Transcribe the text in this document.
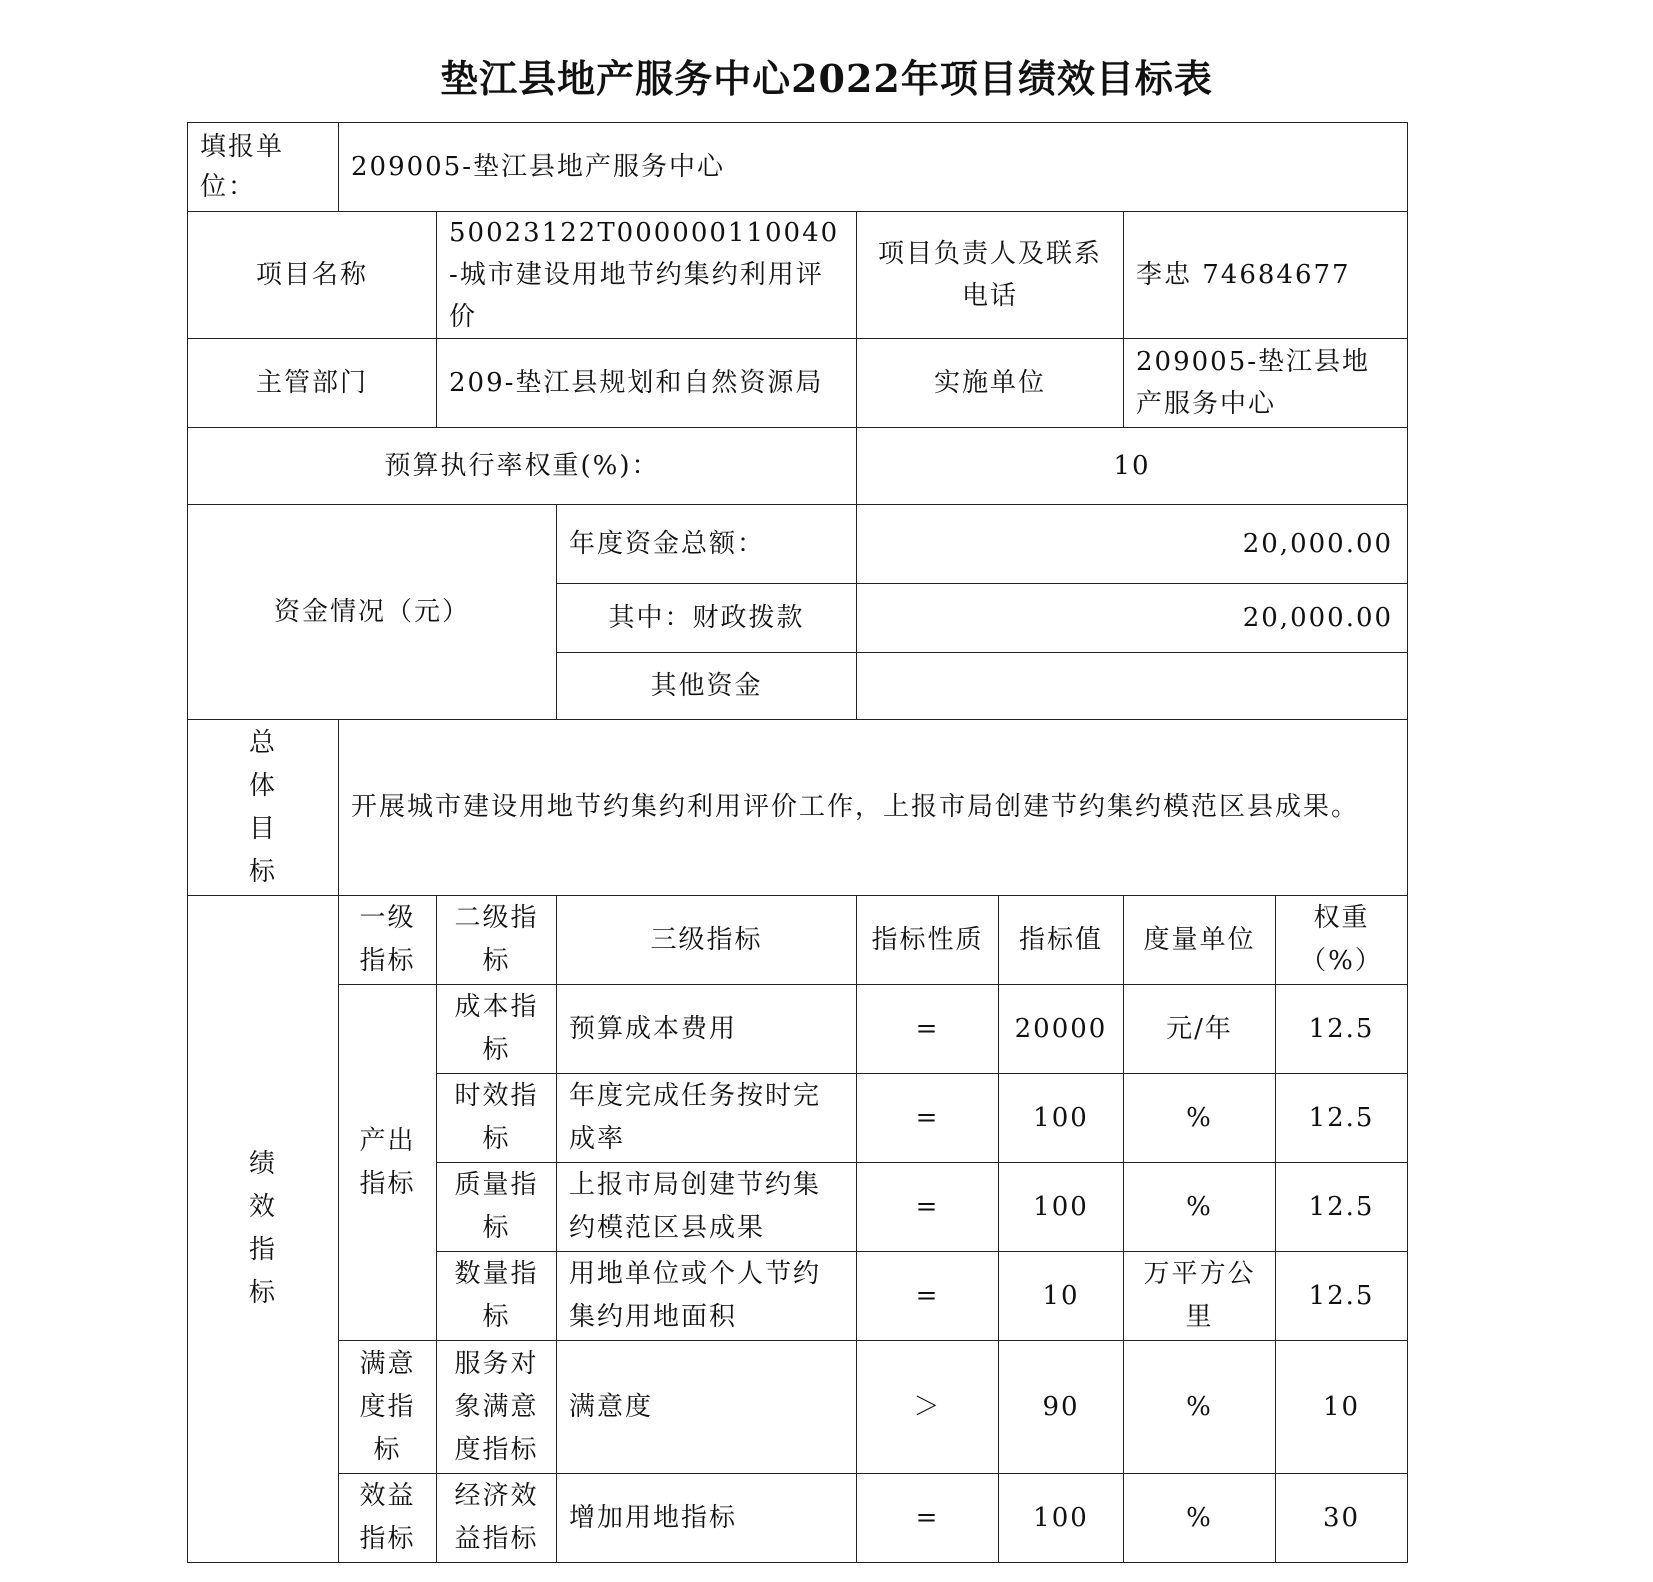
垫江县地产服务中心2022年项目绩效目标表
填报单位：	209005-垫江县地产服务中心						
项目名称		50023122T000000110040-城市建设用地节约集约利用评价		项目负责人及联系电话		李忠 74684677	
主管部门		209-垫江县规划和自然资源局		实施单位		209005-垫江县地产服务中心	
预算执行率权重(%)：				10			

资金情况（元）			年度资金总额：	20,000.00			
			其中：财政拨款	20,000.00			
			其他资金				

总
体
目
标	开展城市建设用地节约集约利用评价工作，上报市局创建节约集约模范区县成果。						

绩
效
指
标	一级指标	二级指标	三级指标	指标性质	指标值	度量单位	权重（%）
	产出指标	成本指标	预算成本费用	=	20000	元/年	12.5
		时效指标	年度完成任务按时完成率	=	100	%	12.5
		质量指标	上报市局创建节约集约模范区县成果	=	100	%	12.5
		数量指标	用地单位或个人节约集约用地面积	=	10	万平方公里	12.5
	满意度指标	服务对象满意度指标	满意度	＞	90	%	10
	效益指标	经济效益指标	增加用地指标	=	100	%	30
